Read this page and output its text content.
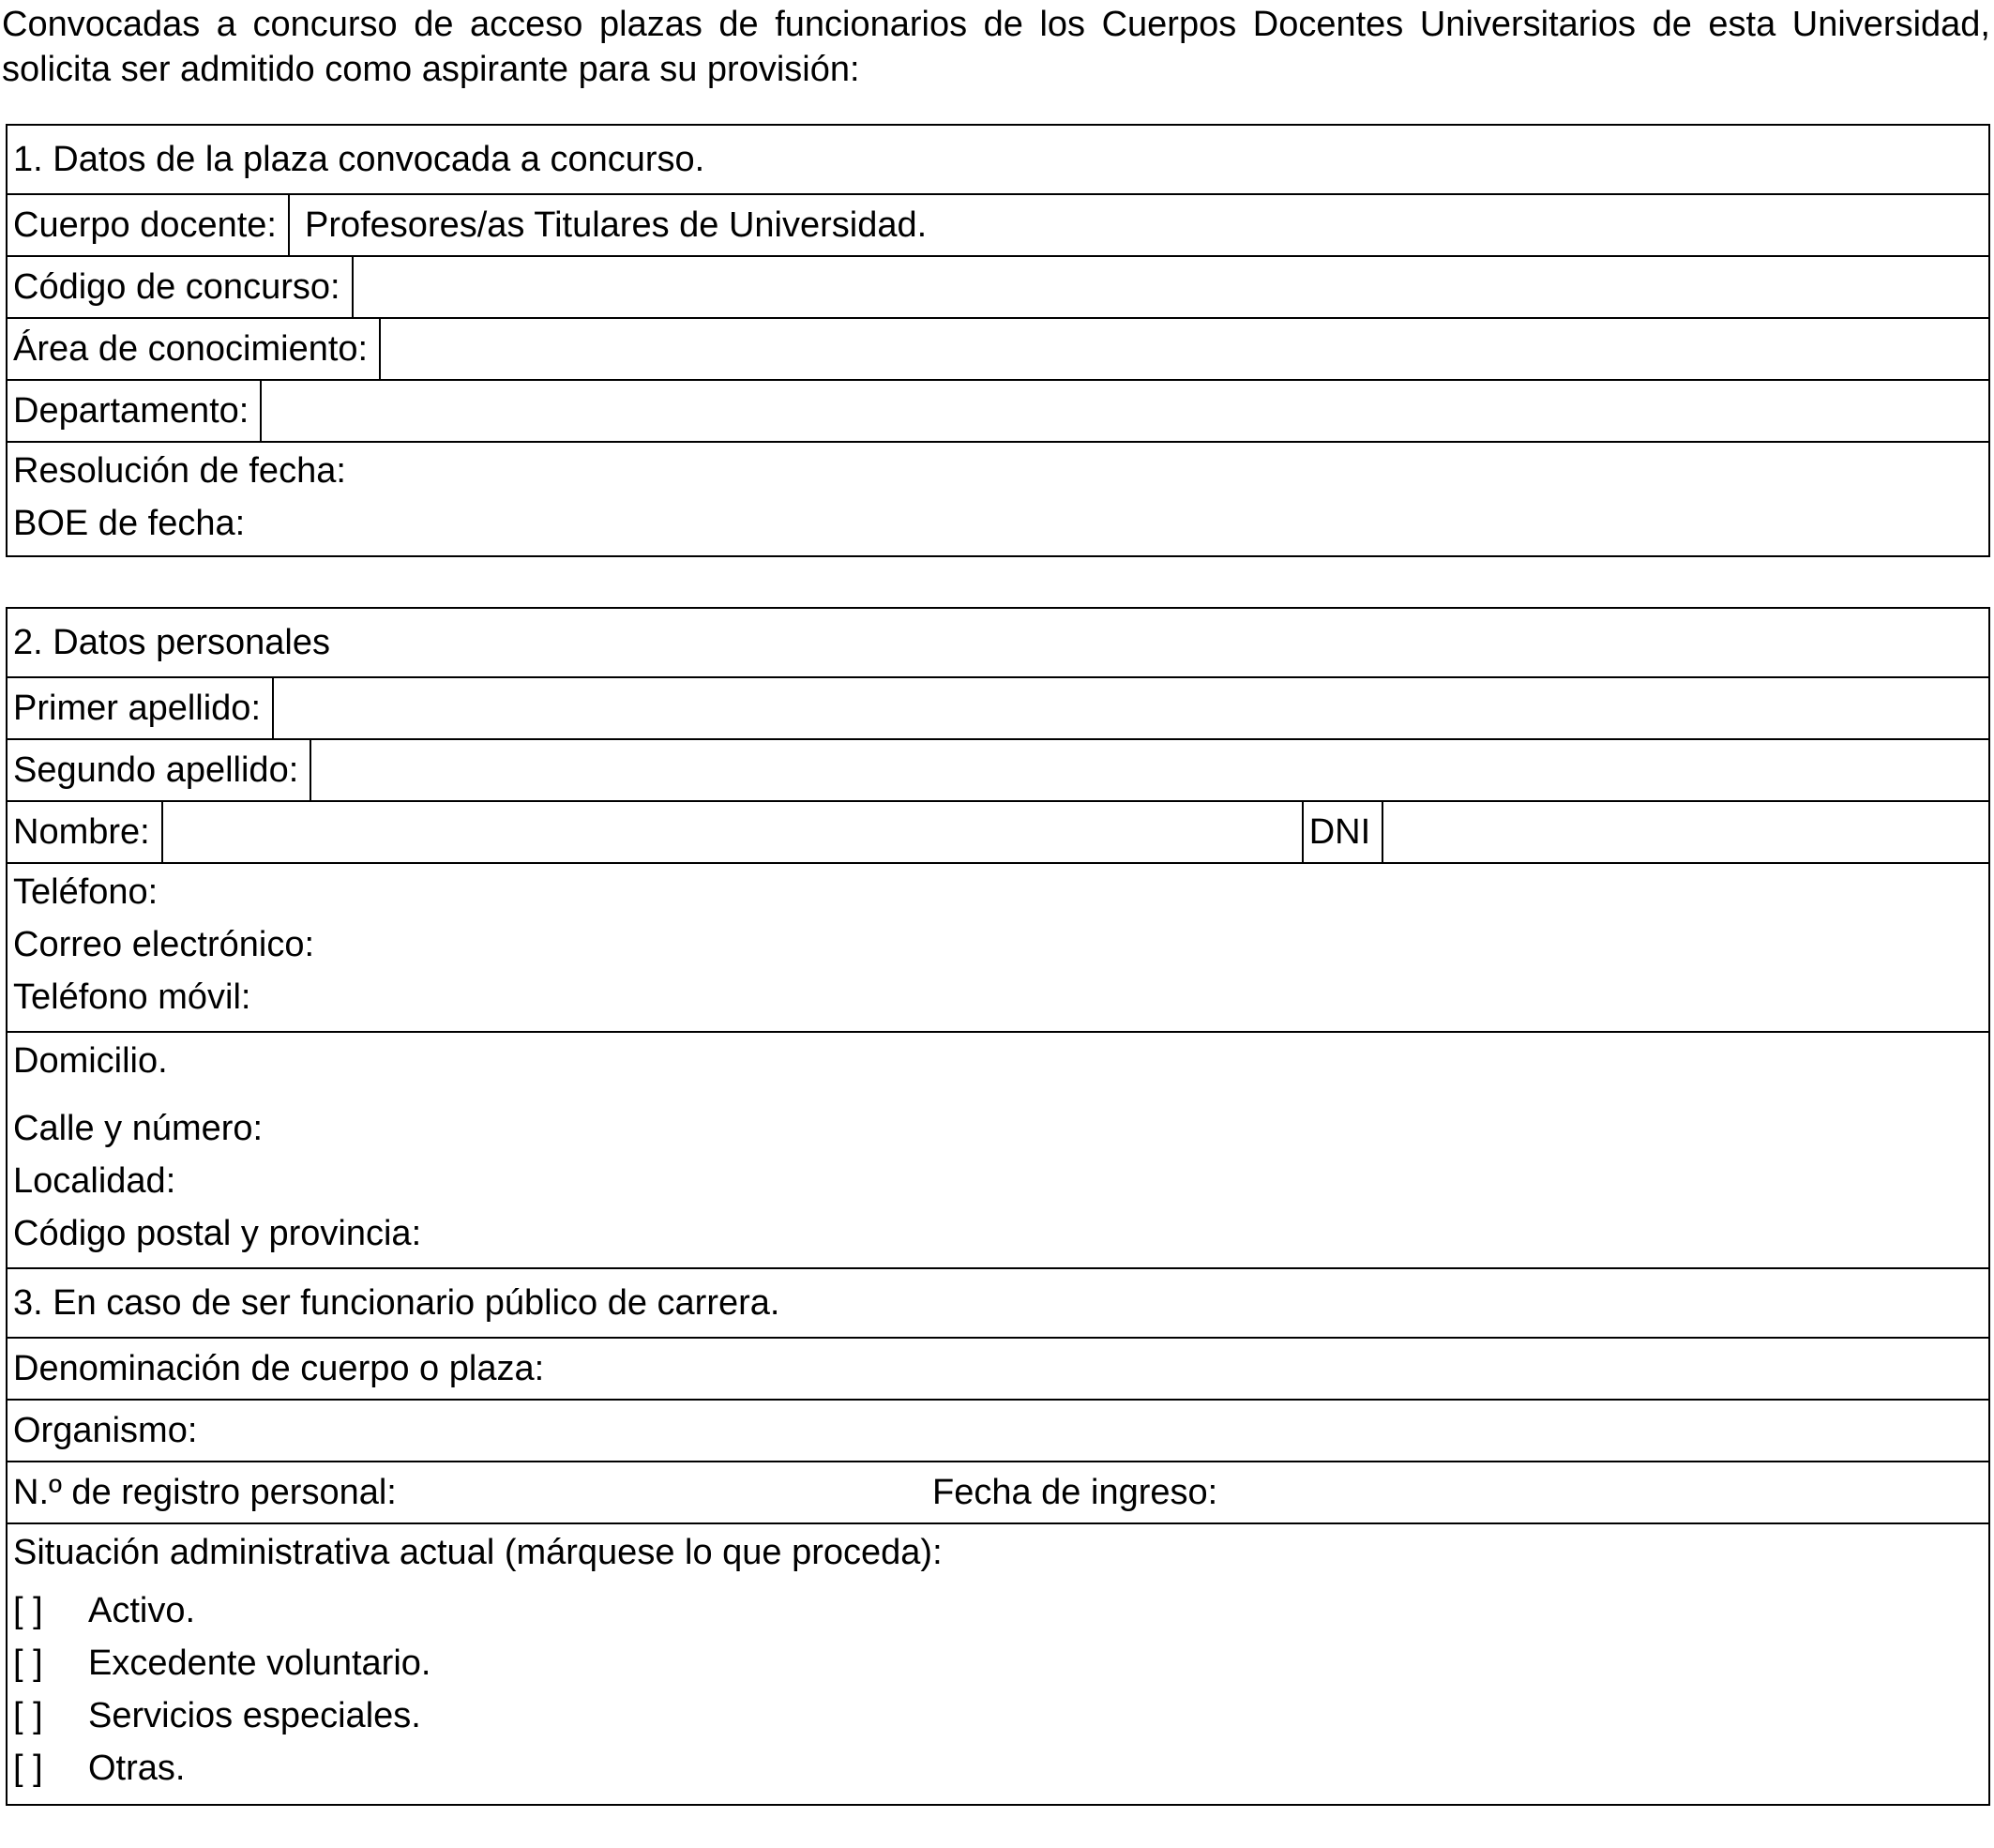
Convocadas a concurso de acceso plazas de funcionarios de los Cuerpos Docentes Universitarios de esta Universidad, solicita ser admitido como aspirante para su provisión:

1. Datos de la plaza convocada a concurso.

Cuerpo docente: Profesores/as Titulares de Universidad.

Código de concurso:

Área de conocimiento:

Departamento:

Resolución de fecha:
BOE de fecha:
2. Datos personales

Primer apellido:

Segundo apellido:

Nombre:	DNI

Teléfono:
Correo electrónico:
Teléfono móvil:

Domicilio.
Calle y número:
Localidad:
Código postal y provincia:

3. En caso de ser funcionario público de carrera.
Denominación de cuerpo o plaza:
Organismo:

N.º de registro personal:	Fecha de ingreso:

Situación administrativa actual (márquese lo que proceda):
[ ] Activo.
[ ] Excedente voluntario.
[ ] Servicios especiales.
[ ] Otras.
